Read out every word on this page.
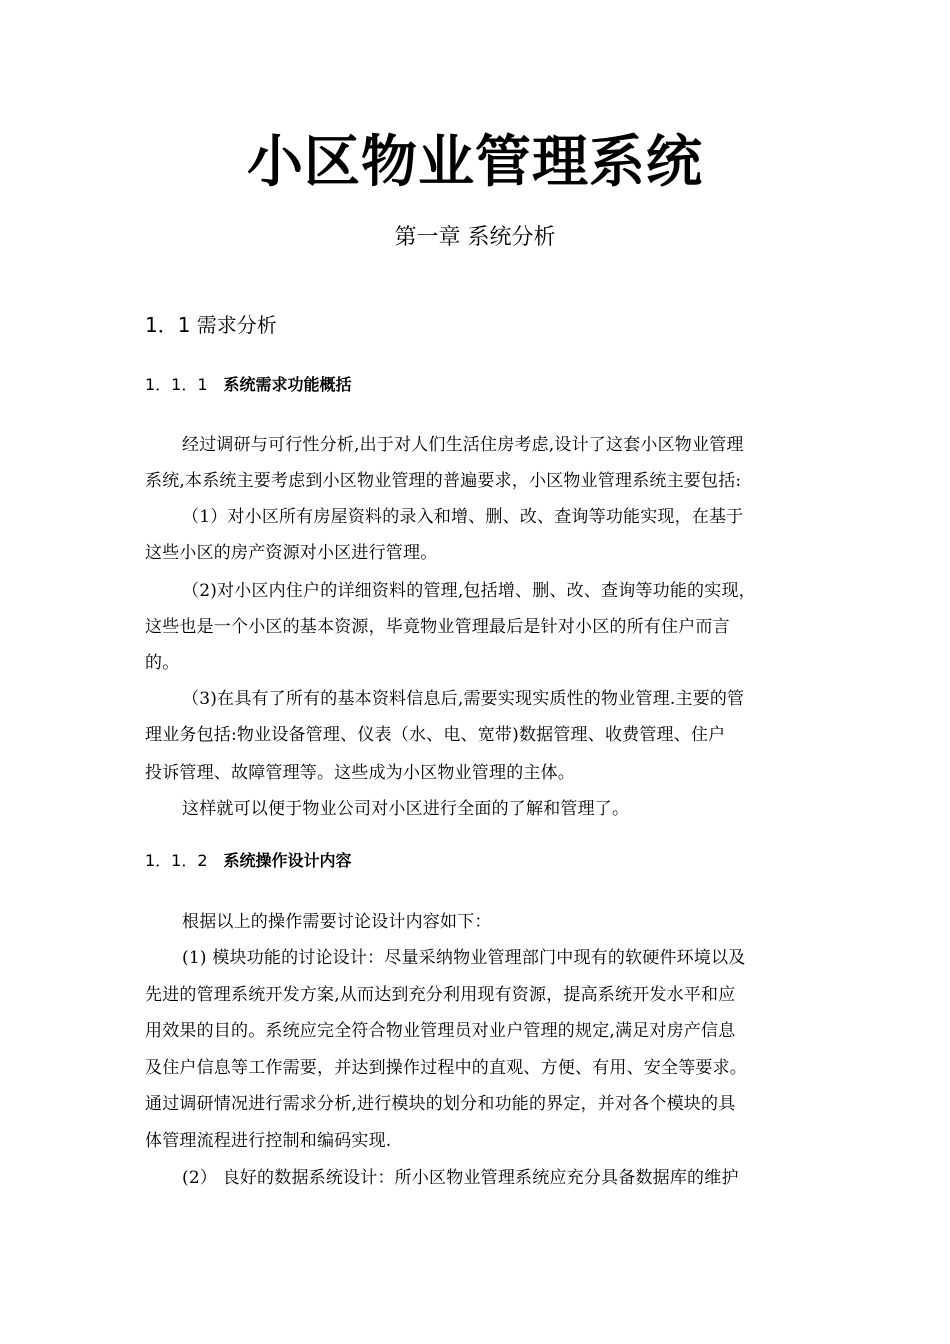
小区物业管理系统
第一章 系统分析
1．1 需求分析
1．1．1 系统需求功能概括
经过调研与可行性分析,出于对人们生活住房考虑,设计了这套小区物业管理
系统,本系统主要考虑到小区物业管理的普遍要求，小区物业管理系统主要包括:
（1）对小区所有房屋资料的录入和增、删、改、查询等功能实现，在基于
这些小区的房产资源对小区进行管理。
（2)对小区内住户的详细资料的管理,包括增、删、改、查询等功能的实现，
这些也是一个小区的基本资源，毕竟物业管理最后是针对小区的所有住户而言
的。
（3)在具有了所有的基本资料信息后,需要实现实质性的物业管理.主要的管
理业务包括:物业设备管理、仪表（水、电、宽带)数据管理、收费管理、住户
投诉管理、故障管理等。这些成为小区物业管理的主体。
这样就可以便于物业公司对小区进行全面的了解和管理了。
1．1．2 系统操作设计内容
根据以上的操作需要讨论设计内容如下：
(1) 模块功能的讨论设计：尽量采纳物业管理部门中现有的软硬件环境以及
先进的管理系统开发方案,从而达到充分利用现有资源，提高系统开发水平和应
用效果的目的。系统应完全符合物业管理员对业户管理的规定,满足对房产信息
及住户信息等工作需要，并达到操作过程中的直观、方便、有用、安全等要求。
通过调研情况进行需求分析,进行模块的划分和功能的界定，并对各个模块的具
体管理流程进行控制和编码实现.
(2） 良好的数据系统设计：所小区物业管理系统应充分具备数据库的维护
